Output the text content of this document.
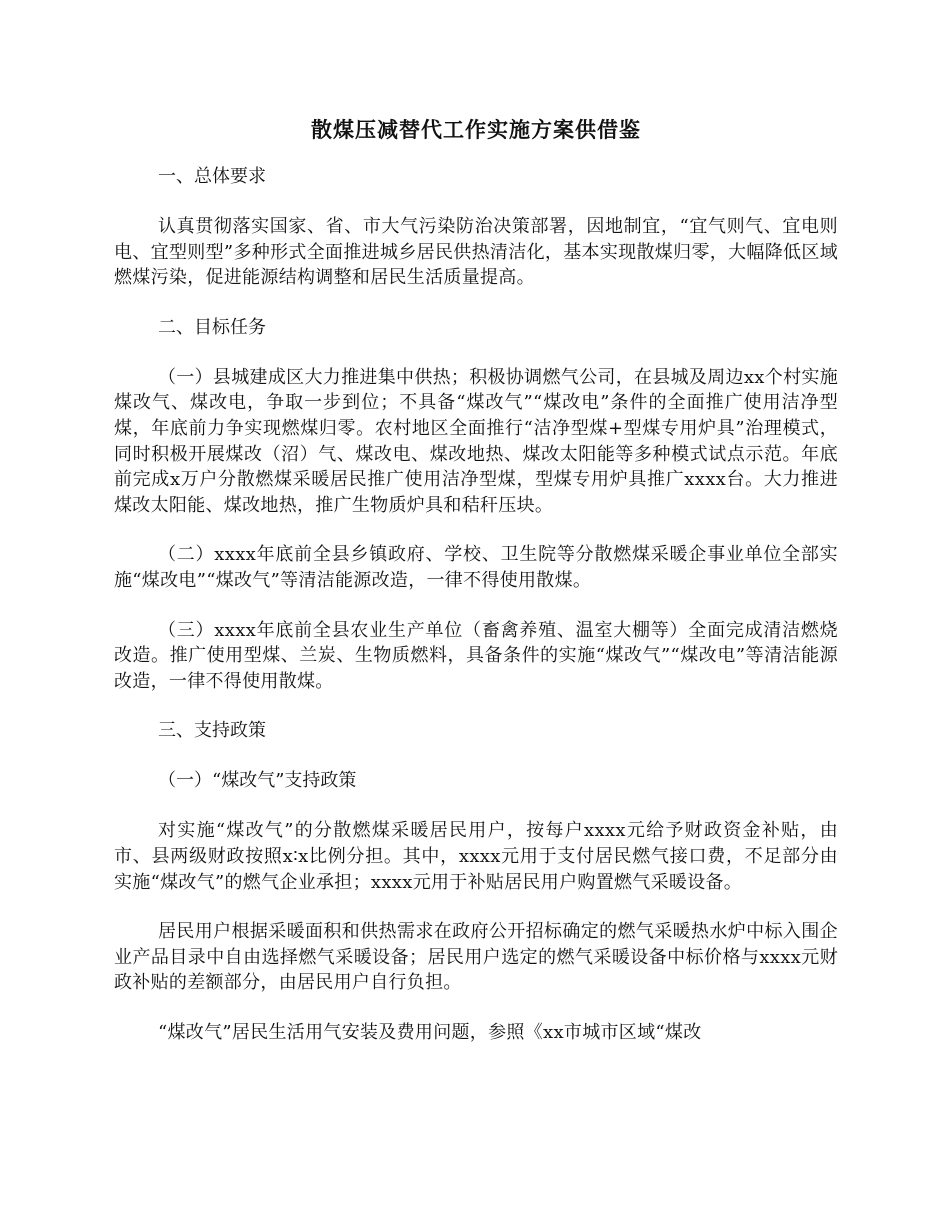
散煤压减替代工作实施方案供借鉴
一、总体要求
认真贯彻落实国家、省、市大气污染防治决策部署，因地制宜，“宜气则气、宜电则电、宜型则型”多种形式全面推进城乡居民供热清洁化，基本实现散煤归零，大幅降低区域燃煤污染，促进能源结构调整和居民生活质量提高。
二、目标任务
（一）县城建成区大力推进集中供热；积极协调燃气公司，在县城及周边xx个村实施煤改气、煤改电，争取一步到位；不具备“煤改气”“煤改电”条件的全面推广使用洁净型煤，年底前力争实现燃煤归零。农村地区全面推行“洁净型煤+型煤专用炉具”治理模式，同时积极开展煤改（沼）气、煤改电、煤改地热、煤改太阳能等多种模式试点示范。年底前完成x万户分散燃煤采暖居民推广使用洁净型煤，型煤专用炉具推广xxxx台。大力推进煤改太阳能、煤改地热，推广生物质炉具和秸秆压块。
（二）xxxx年底前全县乡镇政府、学校、卫生院等分散燃煤采暖企事业单位全部实施“煤改电”“煤改气”等清洁能源改造，一律不得使用散煤。
（三）xxxx年底前全县农业生产单位（畜禽养殖、温室大棚等）全面完成清洁燃烧改造。推广使用型煤、兰炭、生物质燃料，具备条件的实施“煤改气”“煤改电”等清洁能源改造，一律不得使用散煤。
三、支持政策
（一）“煤改气”支持政策
对实施“煤改气”的分散燃煤采暖居民用户，按每户xxxx元给予财政资金补贴，由市、县两级财政按照x∶x比例分担。其中，xxxx元用于支付居民燃气接口费，不足部分由实施“煤改气”的燃气企业承担；xxxx元用于补贴居民用户购置燃气采暖设备。
居民用户根据采暖面积和供热需求在政府公开招标确定的燃气采暖热水炉中标入围企业产品目录中自由选择燃气采暖设备；居民用户选定的燃气采暖设备中标价格与xxxx元财政补贴的差额部分，由居民用户自行负担。
“煤改气”居民生活用气安装及费用问题，参照《xx市城市区域“煤改
